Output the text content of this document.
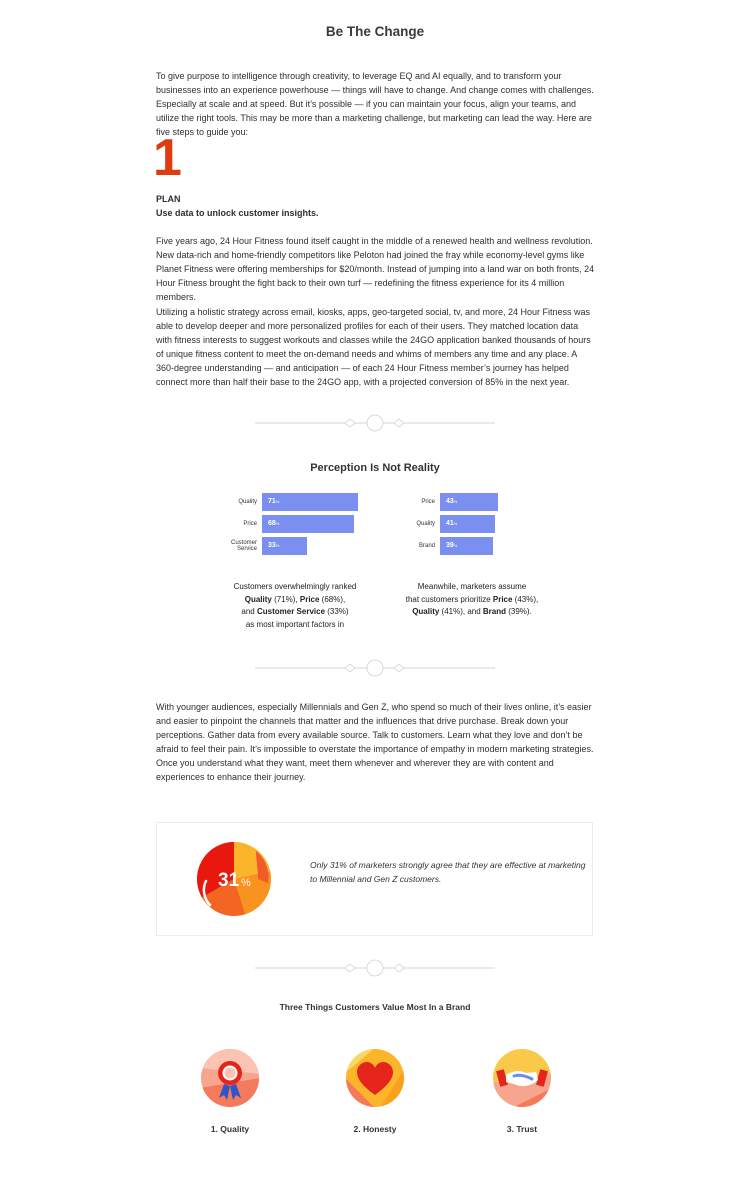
Be The Change

To give purpose to intelligence through creativity, to leverage EQ and AI equally, and to transform your businesses into an experience powerhouse — things will have to change. And change comes with challenges. Especially at scale and at speed. But it’s possible — if you can maintain your focus, align your teams, and utilize the right tools. This may be more than a marketing challenge, but marketing can lead the way. Here are five steps to guide you:

1
PLAN
Use data to unlock customer insights.

Five years ago, 24 Hour Fitness found itself caught in the middle of a renewed health and wellness revolution. New data-rich and home-friendly competitors like Peloton had joined the fray while economy-level gyms like Planet Fitness were offering memberships for $20/month. Instead of jumping into a land war on both fronts, 24 Hour Fitness brought the fight back to their own turf — redefining the fitness experience for its 4 million members.

Utilizing a holistic strategy across email, kiosks, apps, geo-targeted social, tv, and more, 24 Hour Fitness was able to develop deeper and more personalized profiles for each of their users. They matched location data with fitness interests to suggest workouts and classes while the 24GO application banked thousands of hours of unique fitness content to meet the on-demand needs and whims of members any time and any place. A 360-degree understanding — and anticipation — of each 24 Hour Fitness member’s journey has helped connect more than half their base to the 24GO app, with a projected conversion of 85% in the next year.

Perception Is Not Reality
Quality 71%
Price 68%
Customer Service 33%
Price 43%
Quality 41%
Brand 39%
Customers overwhelmingly ranked
Quality (71%), Price (68%),
and Customer Service (33%)
as most important factors in
Meanwhile, marketers assume
that customers prioritize Price (43%),
Quality (41%), and Brand (39%).

With younger audiences, especially Millennials and Gen Z, who spend so much of their lives online, it’s easier and easier to pinpoint the channels that matter and the influences that drive purchase. Break down your perceptions. Gather data from every available source. Talk to customers. Learn what they love and don’t be afraid to feel their pain. It’s impossible to overstate the importance of empathy in modern marketing strategies. Once you understand what they want, meet them whenever and wherever they are with content and experiences to enhance their journey.

31 %

Only 31% of marketers strongly agree that they are effective at marketing to Millennial and Gen Z customers.

Three Things Customers Value Most In a Brand
1. Quality	2. Honesty	3. Trust
